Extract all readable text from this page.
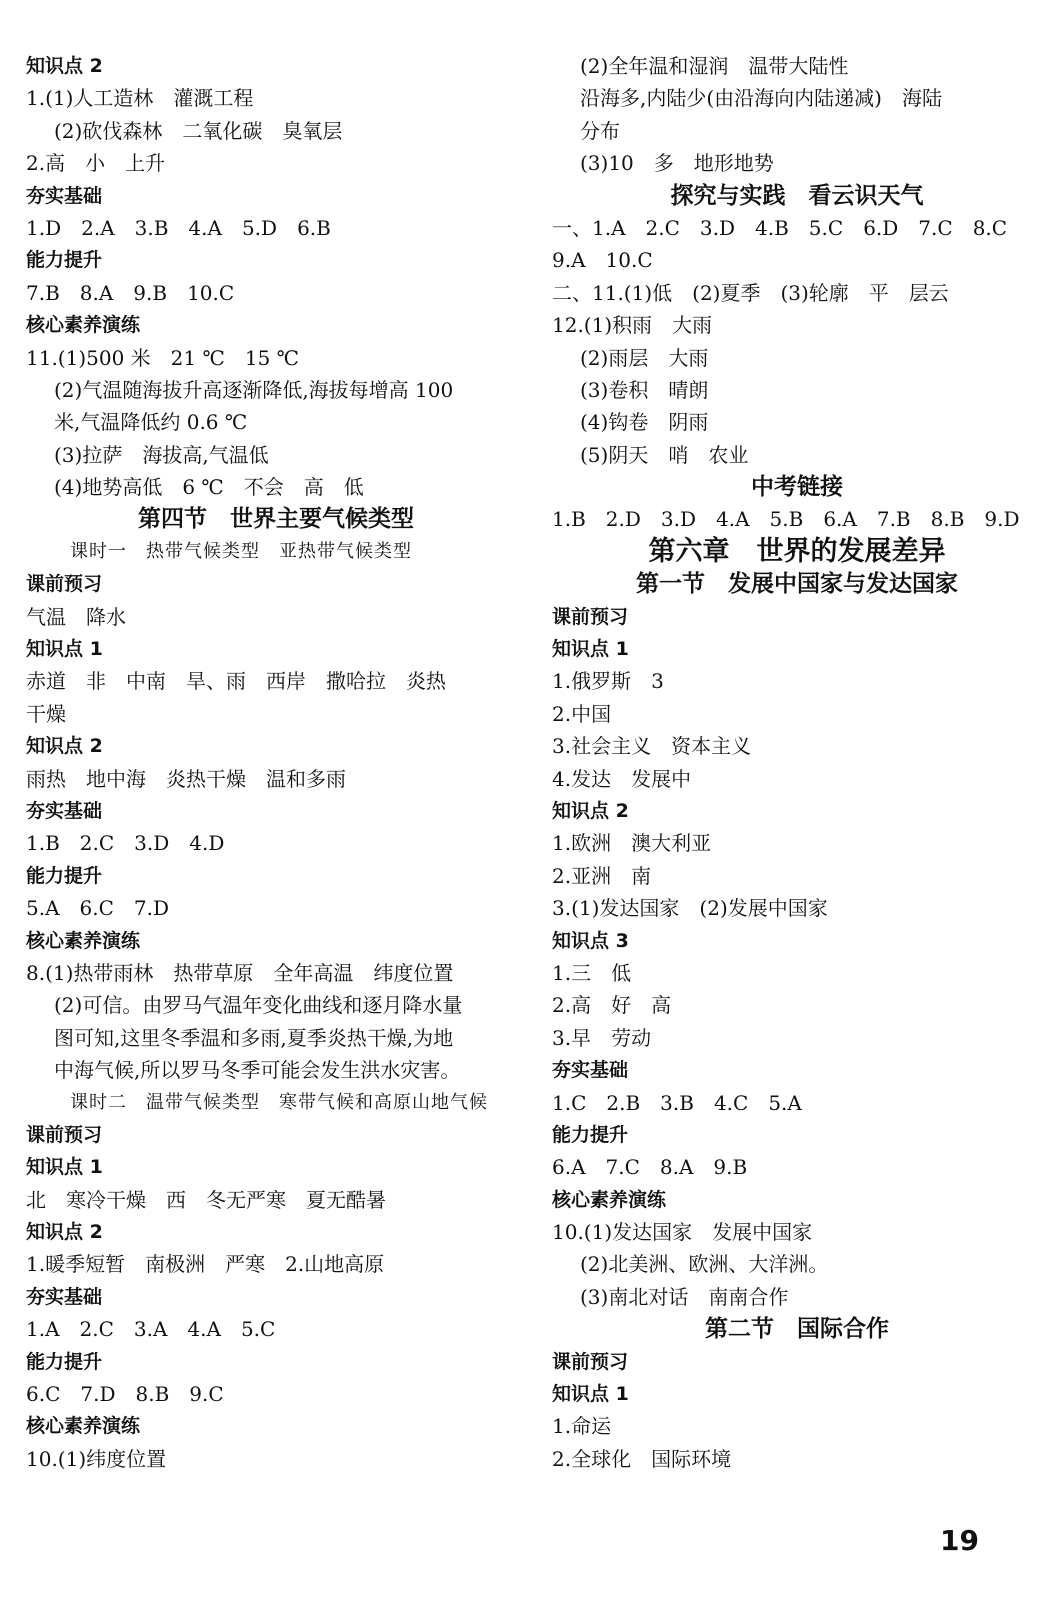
知识点 2
1.(1)人工造林　灌溉工程
(2)砍伐森林　二氧化碳　臭氧层
2.高　小　上升
夯实基础
1.D　2.A　3.B　4.A　5.D　6.B
能力提升
7.B　8.A　9.B　10.C
核心素养演练
11.(1)500 米　21 ℃　15 ℃
(2)气温随海拔升高逐渐降低,海拔每增高 100
米,气温降低约 0.6 ℃
(3)拉萨　海拔高,气温低
(4)地势高低　6 ℃　不会　高　低
第四节　世界主要气候类型
课时一　热带气候类型　亚热带气候类型
课前预习
气温　降水
知识点 1
赤道　非　中南　旱、雨　西岸　撒哈拉　炎热
干燥
知识点 2
雨热　地中海　炎热干燥　温和多雨
夯实基础
1.B　2.C　3.D　4.D
能力提升
5.A　6.C　7.D
核心素养演练
8.(1)热带雨林　热带草原　全年高温　纬度位置
(2)可信。由罗马气温年变化曲线和逐月降水量
图可知,这里冬季温和多雨,夏季炎热干燥,为地
中海气候,所以罗马冬季可能会发生洪水灾害。
课时二　温带气候类型　寒带气候和高原山地气候
课前预习
知识点 1
北　寒冷干燥　西　冬无严寒　夏无酷暑
知识点 2
1.暖季短暂　南极洲　严寒　2.山地高原
夯实基础
1.A　2.C　3.A　4.A　5.C
能力提升
6.C　7.D　8.B　9.C
核心素养演练
10.(1)纬度位置
(2)全年温和湿润　温带大陆性
沿海多,内陆少(由沿海向内陆递减)　海陆
分布
(3)10　多　地形地势
探究与实践　看云识天气
一、1.A　2.C　3.D　4.B　5.C　6.D　7.C　8.C
9.A　10.C
二、11.(1)低　(2)夏季　(3)轮廓　平　层云
12.(1)积雨　大雨
(2)雨层　大雨
(3)卷积　晴朗
(4)钩卷　阴雨
(5)阴天　哨　农业
中考链接
1.B　2.D　3.D　4.A　5.B　6.A　7.B　8.B　9.D
第六章　世界的发展差异
第一节　发展中国家与发达国家
课前预习
知识点 1
1.俄罗斯　3
2.中国
3.社会主义　资本主义
4.发达　发展中
知识点 2
1.欧洲　澳大利亚
2.亚洲　南
3.(1)发达国家　(2)发展中国家
知识点 3
1.三　低
2.高　好　高
3.早　劳动
夯实基础
1.C　2.B　3.B　4.C　5.A
能力提升
6.A　7.C　8.A　9.B
核心素养演练
10.(1)发达国家　发展中国家
(2)北美洲、欧洲、大洋洲。
(3)南北对话　南南合作
第二节　国际合作
课前预习
知识点 1
1.命运
2.全球化　国际环境
19
